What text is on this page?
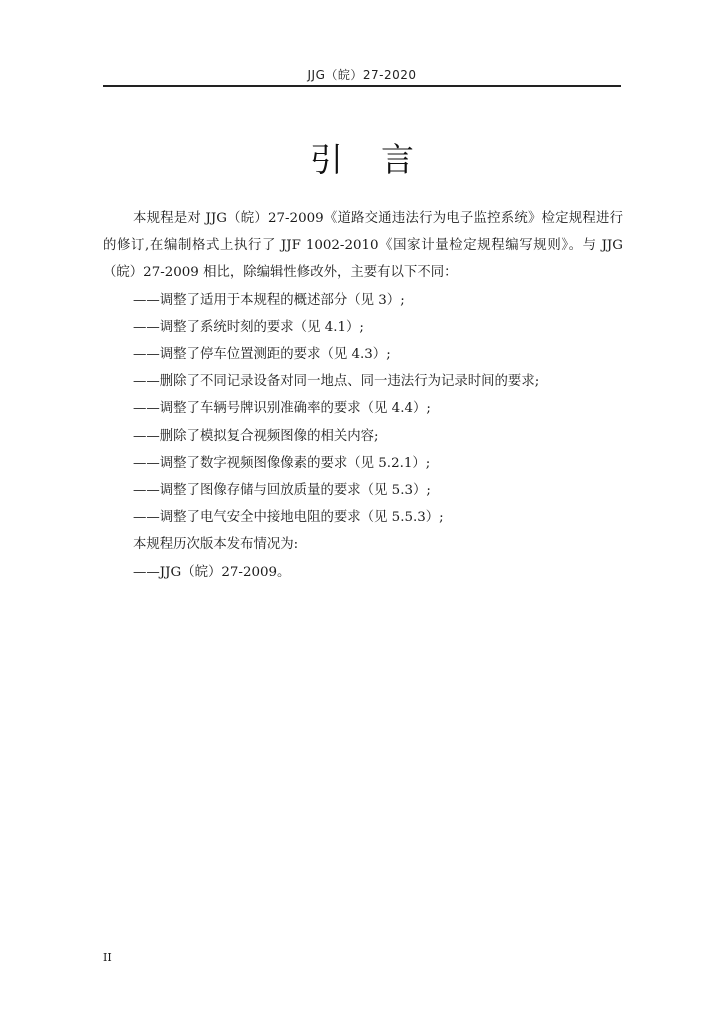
JJG（皖）27-2020
引言

本规程是对 JJG（皖）27-2009《道路交通违法行为电子监控系统》检定规程进行的修订,在编制格式上执行了 JJF 1002-2010《国家计量检定规程编写规则》。与 JJG（皖）27-2009 相比，除编辑性修改外，主要有以下不同：

——调整了适用于本规程的概述部分（见 3）;

——调整了系统时刻的要求（见 4.1）;

——调整了停车位置测距的要求（见 4.3）;

——删除了不同记录设备对同一地点、同一违法行为记录时间的要求;

——调整了车辆号牌识别准确率的要求（见 4.4）;

——删除了模拟复合视频图像的相关内容;

——调整了数字视频图像像素的要求（见 5.2.1）;

——调整了图像存储与回放质量的要求（见 5.3）;

——调整了电气安全中接地电阻的要求（见 5.5.3）;

本规程历次版本发布情况为:

——JJG（皖）27-2009。

II
